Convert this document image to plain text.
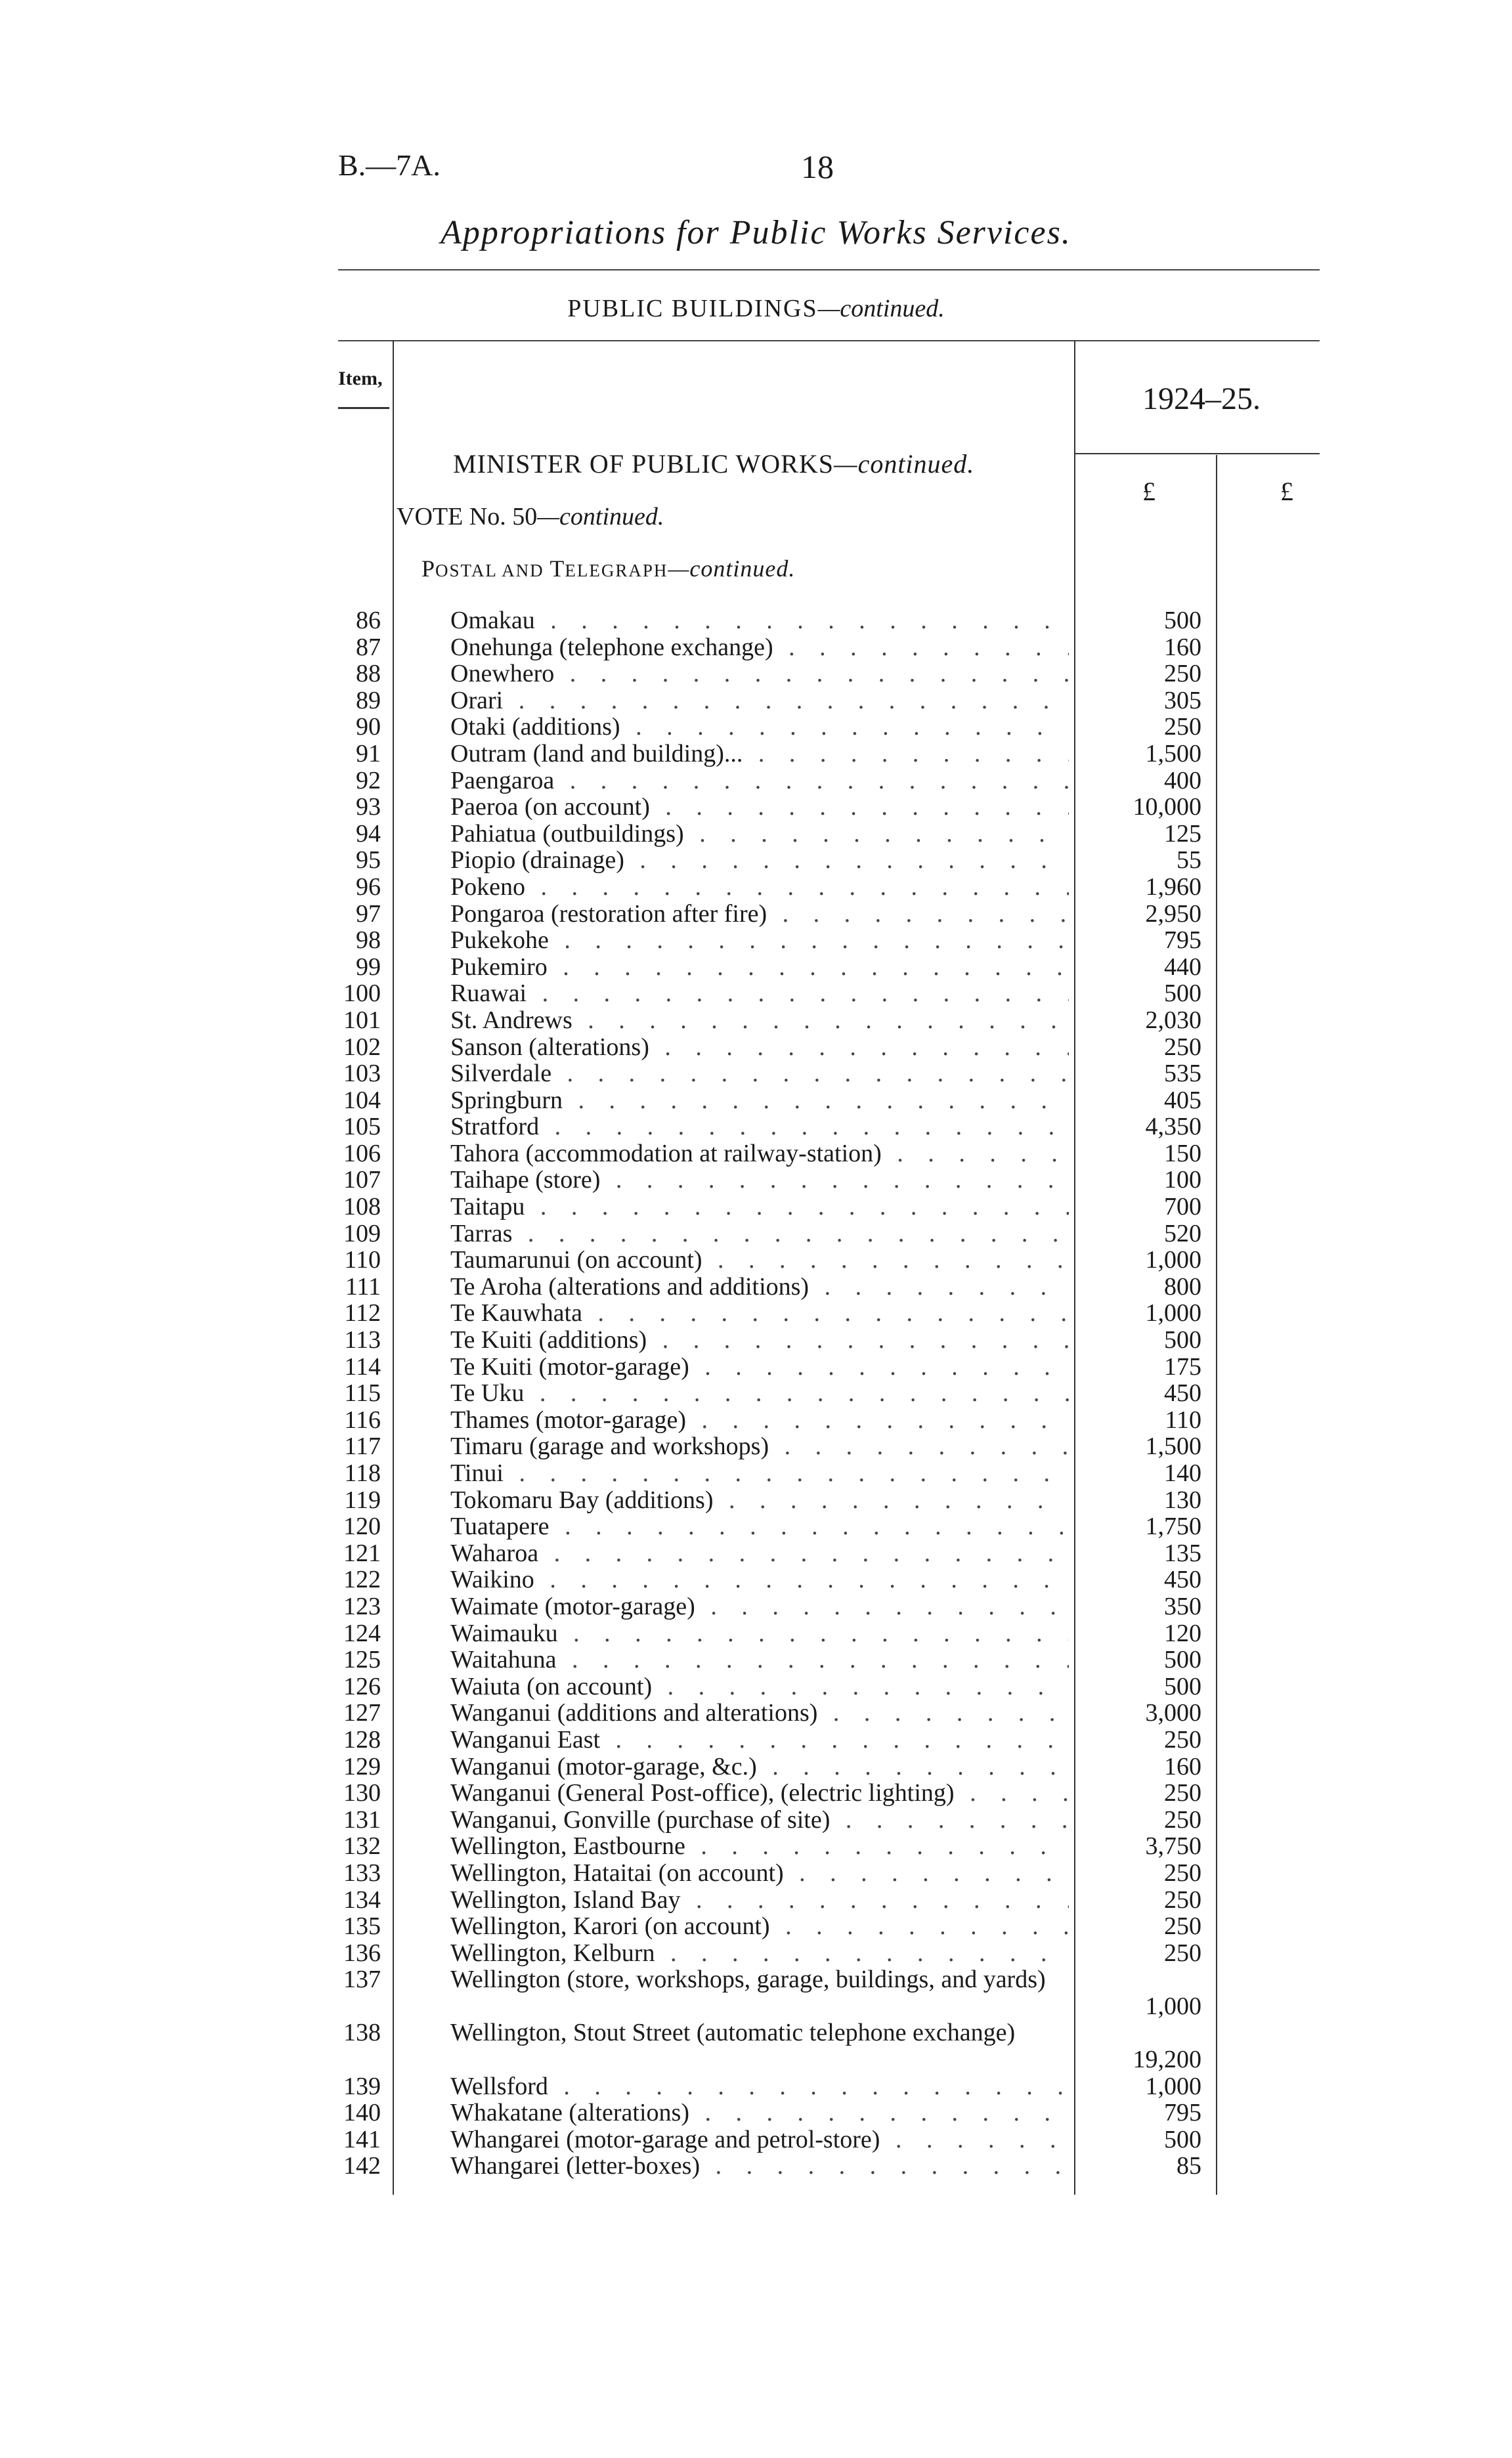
B.—7A.	18
Appropriations for Public Works Services.
PUBLIC BUILDINGS—continued.
Item,
1924–25.
£	£
MINISTER OF PUBLIC WORKS—continued.
VOTE No. 50—continued.
POSTAL AND TELEGRAPH—continued.
86	Omakau . . .	500
87	Onehunga (telephone exchange) . . .	160
88	Onewhero . . .	250
89	Orari . . .	305
90	Otaki (additions) . . .	250
91	Outram (land and building)... . . .	1,500
92	Paengaroa . . .	400
93	Paeroa (on account) . . .	10,000
94	Pahiatua (outbuildings) . . .	125
95	Piopio (drainage) . . .	55
96	Pokeno . . .	1,960
97	Pongaroa (restoration after fire) . . .	2,950
98	Pukekohe . . .	795
99	Pukemiro . . .	440
100	Ruawai . . .	500
101	St. Andrews . . .	2,030
102	Sanson (alterations) . . .	250
103	Silverdale . . .	535
104	Springburn . . .	405
105	Stratford . . .	4,350
106	Tahora (accommodation at railway-station) . . .	150
107	Taihape (store) . . .	100
108	Taitapu . . .	700
109	Tarras . . .	520
110	Taumarunui (on account) . . .	1,000
111	Te Aroha (alterations and additions) . . .	800
112	Te Kauwhata . . .	1,000
113	Te Kuiti (additions) . . .	500
114	Te Kuiti (motor-garage) . . .	175
115	Te Uku . . .	450
116	Thames (motor-garage) . . .	110
117	Timaru (garage and workshops) . . .	1,500
118	Tinui . . .	140
119	Tokomaru Bay (additions) . . .	130
120	Tuatapere . . .	1,750
121	Waharoa . . .	135
122	Waikino . . .	450
123	Waimate (motor-garage) . . .	350
124	Waimauku . . .	120
125	Waitahuna . . .	500
126	Waiuta (on account) . . .	500
127	Wanganui (additions and alterations) . . .	3,000
128	Wanganui East . . .	250
129	Wanganui (motor-garage, &c.) . . .	160
130	Wanganui (General Post-office), (electric lighting) . . .	250
131	Wanganui, Gonville (purchase of site) . . .	250
132	Wellington, Eastbourne . . .	3,750
133	Wellington, Hataitai (on account) . . .	250
134	Wellington, Island Bay . . .	250
135	Wellington, Karori (on account) . . .	250
136	Wellington, Kelburn . . .	250
137	Wellington (store, workshops, garage, buildings, and yards)
1,000
138	Wellington, Stout Street (automatic telephone exchange)
19,200
139	Wellsford . . .	1,000
140	Whakatane (alterations) . . .	795
141	Whangarei (motor-garage and petrol-store) . . .	500
142	Whangarei (letter-boxes) . . .	85
